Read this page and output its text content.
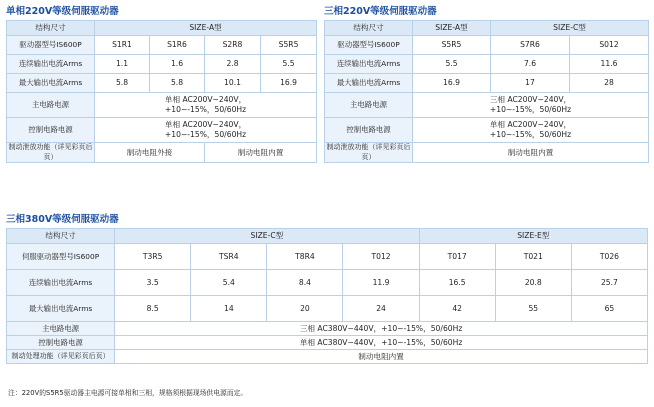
单相220V等级伺服驱动器
结构尺寸	SIZE-A型			
驱动器型号IS600P	S1R1	S1R6	S2R8	S5R5
连续输出电流Arms	1.1	1.6	2.8	5.5
最大输出电流Arms	5.8	5.8	10.1	16.9
主电路电源	单相 AC200V~240V，
+10~-15%，50/60Hz			
控制电路电源	单相 AC200V~240V，
+10~-15%，50/60Hz			
制动泄放功能（详见彩页后页）	制动电阻外接		制动电阻内置	
三相220V等级伺服驱动器
结构尺寸	SIZE-A型	SIZE-C型	
驱动器型号IS600P	S5R5	S7R6	S012
连续输出电流Arms	5.5	7.6	11.6
最大输出电流Arms	16.9	17	28
主电路电源	三相 AC200V~240V，
+10~-15%，50/60Hz		
控制电路电源	单相 AC200V~240V，
+10~-15%，50/60Hz		
制动泄放功能（详见彩页后页）	制动电阻内置		
三相380V等级伺服驱动器
结构尺寸	SIZE-C型				SIZE-E型		
伺服驱动器型号IS600P	T3R5	TSR4	T8R4	T012	T017	T021	T026
连续输出电流Arms	3.5	5.4	8.4	11.9	16.5	20.8	25.7
最大输出电流Arms	8.5	14	20	24	42	55	65
主电路电源	三相 AC380V~440V，+10~-15%，50/60Hz						
控制电路电源	单相 AC380V~440V，+10~-15%，50/60Hz						
制动处理功能（详见彩页后页）	制动电阻内置						
注：220V的S5R5驱动器主电源可接单相和三相，规格须根据现场供电源而定。
